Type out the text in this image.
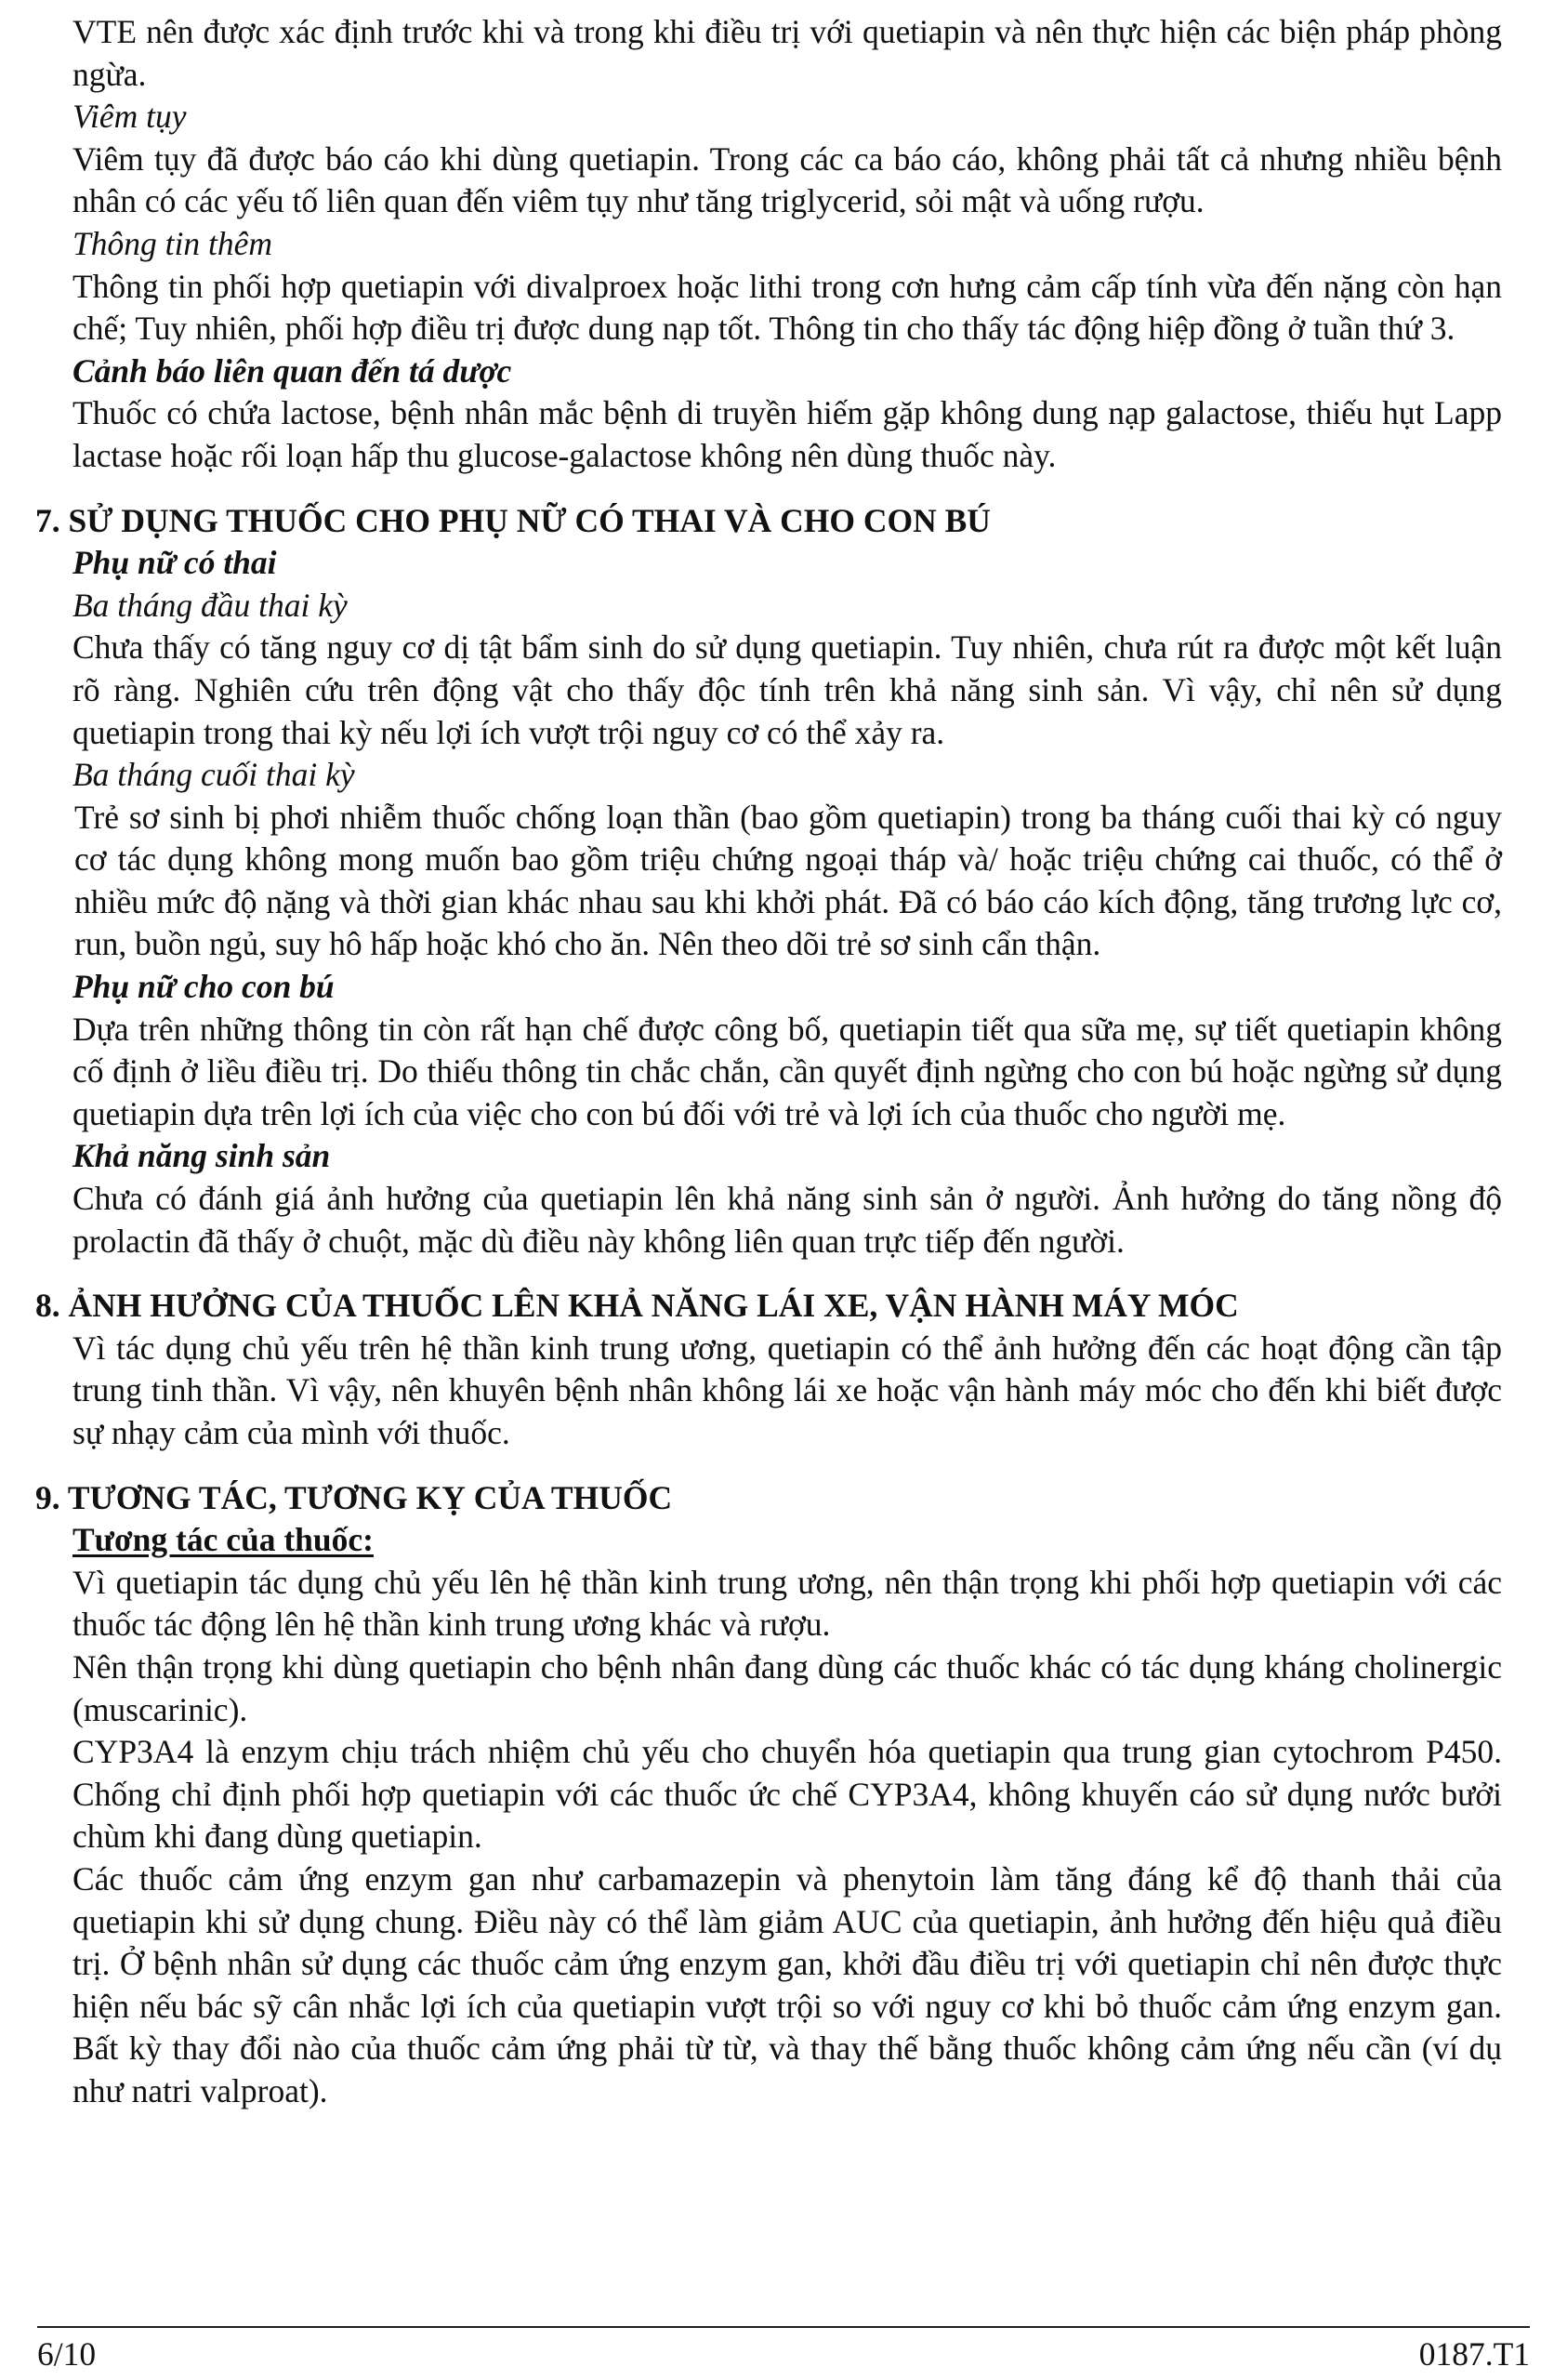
VTE nên được xác định trước khi và trong khi điều trị với quetiapin và nên thực hiện các biện pháp phòng ngừa.

Viêm tụy

Viêm tụy đã được báo cáo khi dùng quetiapin. Trong các ca báo cáo, không phải tất cả nhưng nhiều bệnh nhân có các yếu tố liên quan đến viêm tụy như tăng triglycerid, sỏi mật và uống rượu.

Thông tin thêm

Thông tin phối hợp quetiapin với divalproex hoặc lithi trong cơn hưng cảm cấp tính vừa đến nặng còn hạn chế; Tuy nhiên, phối hợp điều trị được dung nạp tốt. Thông tin cho thấy tác động hiệp đồng ở tuần thứ 3.

Cảnh báo liên quan đến tá dược

Thuốc có chứa lactose, bệnh nhân mắc bệnh di truyền hiếm gặp không dung nạp galactose, thiếu hụt Lapp lactase hoặc rối loạn hấp thu glucose-galactose không nên dùng thuốc này.

7. SỬ DỤNG THUỐC CHO PHỤ NỮ CÓ THAI VÀ CHO CON BÚ

Phụ nữ có thai

Ba tháng đầu thai kỳ

Chưa thấy có tăng nguy cơ dị tật bẩm sinh do sử dụng quetiapin. Tuy nhiên, chưa rút ra được một kết luận rõ ràng. Nghiên cứu trên động vật cho thấy độc tính trên khả năng sinh sản. Vì vậy, chỉ nên sử dụng quetiapin trong thai kỳ nếu lợi ích vượt trội nguy cơ có thể xảy ra.

Ba tháng cuối thai kỳ

Trẻ sơ sinh bị phơi nhiễm thuốc chống loạn thần (bao gồm quetiapin) trong ba tháng cuối thai kỳ có nguy cơ tác dụng không mong muốn bao gồm triệu chứng ngoại tháp và/ hoặc triệu chứng cai thuốc, có thể ở nhiều mức độ nặng và thời gian khác nhau sau khi khởi phát. Đã có báo cáo kích động, tăng trương lực cơ, run, buồn ngủ, suy hô hấp hoặc khó cho ăn. Nên theo dõi trẻ sơ sinh cẩn thận.

Phụ nữ cho con bú

Dựa trên những thông tin còn rất hạn chế được công bố, quetiapin tiết qua sữa mẹ, sự tiết quetiapin không cố định ở liều điều trị. Do thiếu thông tin chắc chắn, cần quyết định ngừng cho con bú hoặc ngừng sử dụng quetiapin dựa trên lợi ích của việc cho con bú đối với trẻ và lợi ích của thuốc cho người mẹ.

Khả năng sinh sản

Chưa có đánh giá ảnh hưởng của quetiapin lên khả năng sinh sản ở người. Ảnh hưởng do tăng nồng độ prolactin đã thấy ở chuột, mặc dù điều này không liên quan trực tiếp đến người.

8. ẢNH HƯỞNG CỦA THUỐC LÊN KHẢ NĂNG LÁI XE, VẬN HÀNH MÁY MÓC

Vì tác dụng chủ yếu trên hệ thần kinh trung ương, quetiapin có thể ảnh hưởng đến các hoạt động cần tập trung tinh thần. Vì vậy, nên khuyên bệnh nhân không lái xe hoặc vận hành máy móc cho đến khi biết được sự nhạy cảm của mình với thuốc.

9. TƯƠNG TÁC, TƯƠNG KỴ CỦA THUỐC

Tương tác của thuốc:

Vì quetiapin tác dụng chủ yếu lên hệ thần kinh trung ương, nên thận trọng khi phối hợp quetiapin với các thuốc tác động lên hệ thần kinh trung ương khác và rượu.

Nên thận trọng khi dùng quetiapin cho bệnh nhân đang dùng các thuốc khác có tác dụng kháng cholinergic (muscarinic).

CYP3A4 là enzym chịu trách nhiệm chủ yếu cho chuyển hóa quetiapin qua trung gian cytochrom P450. Chống chỉ định phối hợp quetiapin với các thuốc ức chế CYP3A4, không khuyến cáo sử dụng nước bưởi chùm khi đang dùng quetiapin.

Các thuốc cảm ứng enzym gan như carbamazepin và phenytoin làm tăng đáng kể độ thanh thải của quetiapin khi sử dụng chung. Điều này có thể làm giảm AUC của quetiapin, ảnh hưởng đến hiệu quả điều trị. Ở bệnh nhân sử dụng các thuốc cảm ứng enzym gan, khởi đầu điều trị với quetiapin chỉ nên được thực hiện nếu bác sỹ cân nhắc lợi ích của quetiapin vượt trội so với nguy cơ khi bỏ thuốc cảm ứng enzym gan. Bất kỳ thay đổi nào của thuốc cảm ứng phải từ từ, và thay thế bằng thuốc không cảm ứng nếu cần (ví dụ như natri valproat).

6/10	0187.T1
